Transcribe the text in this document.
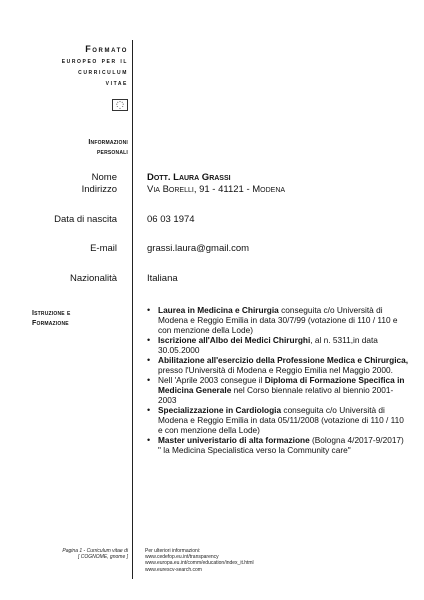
Formato
europeo per il
curriculum
vitae
Informazioni
personali
Nome	Dott. Laura Grassi
Indirizzo	Via Borelli, 91 - 41121 - Modena
Data di nascita	06 03 1974
E-mail	grassi.laura@gmail.com
Nazionalità	Italiana
Istruzione e
Formazione
• Laurea in Medicina e Chirurgia conseguita c/o Università di Modena e Reggio Emilia in data 30/7/99 (votazione di 110 / 110 e con menzione della Lode)
• Iscrizione all'Albo dei Medici Chirurghi, al n. 5311,in data 30.05.2000
• Abilitazione all'esercizio della Professione Medica e Chirurgica, presso l'Università di Modena e Reggio Emilia nel Maggio 2000.
• Nell 'Aprile 2003 consegue il Diploma di Formazione Specifica in Medicina Generale nel Corso biennale relativo al biennio 2001- 2003
• Specializzazione in Cardiologia conseguita c/o Università di Modena e Reggio Emilia in data 05/11/2008 (votazione di 110 / 110 e con menzione della Lode)
• Master univeristario di alta formazione (Bologna 4/2017-9/2017) " la Medicina Specialistica verso la Community care"
Pagina 1 - Curriculum vitae di
[ COGNOME, gnome ]
Per ulteriori informazioni:
www.cedefop.eu.int/transparency
www.europa.eu.int/comm/education/index_it.html
www.eurescv-search.com
